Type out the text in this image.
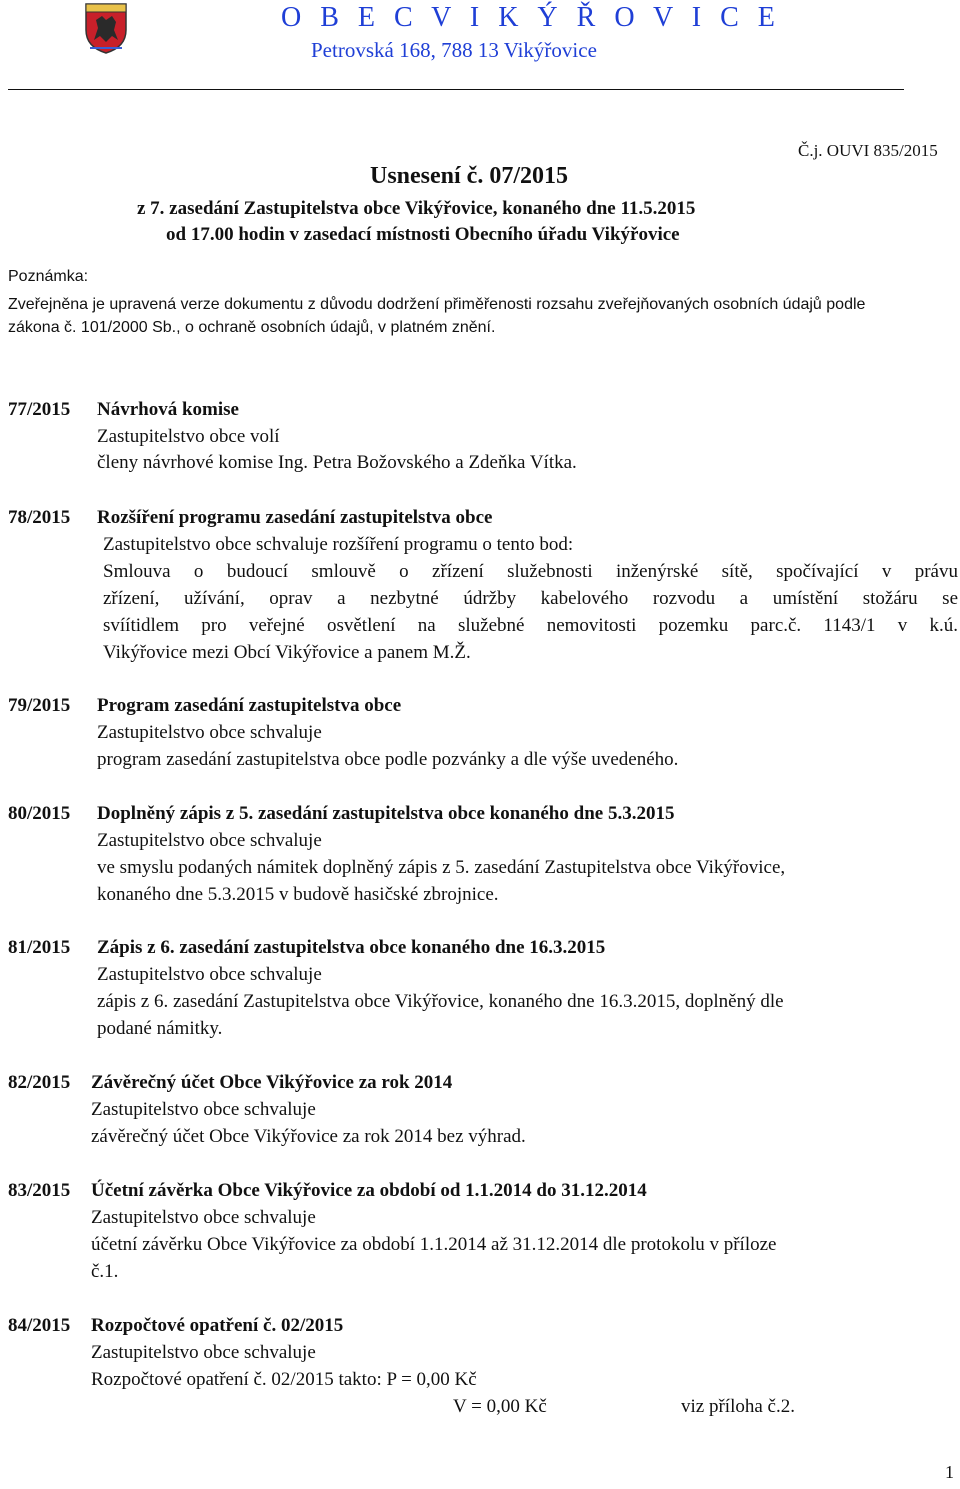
O B E C V I K Ý Ř O V I C E
Petrovská 168, 788 13 Vikýřovice
Č.j. OUVI 835/2015
Usnesení č. 07/2015
z 7. zasedání Zastupitelstva obce Vikýřovice, konaného dne 11.5.2015
od 17.00 hodin v zasedací místnosti Obecního úřadu Vikýřovice
Poznámka:
Zveřejněna je upravená verze dokumentu z důvodu dodržení přiměřenosti rozsahu zveřejňovaných osobních údajů podle
zákona č. 101/2000 Sb., o ochraně osobních údajů, v platném znění.
77/2015 Návrhová komise
Zastupitelstvo obce volí
členy návrhové komise Ing. Petra Božovského a Zdeňka Vítka.
78/2015 Rozšíření programu zasedání zastupitelstva obce
Zastupitelstvo obce schvaluje rozšíření programu o tento bod:
Smlouva o budoucí smlouvě o zřízení služebnosti inženýrské sítě, spočívající v právu
zřízení, užívání, oprav a nezbytné údržby kabelového rozvodu a umístění stožáru se
svíítidlem pro veřejné osvětlení na služebné nemovitosti pozemku parc.č. 1143/1 v k.ú.
Vikýřovice mezi Obcí Vikýřovice a panem M.Ž.
79/2015 Program zasedání zastupitelstva obce
Zastupitelstvo obce schvaluje
program zasedání zastupitelstva obce podle pozvánky a dle výše uvedeného.
80/2015 Doplněný zápis z 5. zasedání zastupitelstva obce konaného dne 5.3.2015
Zastupitelstvo obce schvaluje
ve smyslu podaných námitek doplněný zápis z 5. zasedání Zastupitelstva obce Vikýřovice,
konaného dne 5.3.2015 v budově hasičské zbrojnice.
81/2015 Zápis z 6. zasedání zastupitelstva obce konaného dne 16.3.2015
Zastupitelstvo obce schvaluje
zápis z 6. zasedání Zastupitelstva obce Vikýřovice, konaného dne 16.3.2015, doplněný dle
podané námitky.
82/2015 Závěrečný účet Obce Vikýřovice za rok 2014
Zastupitelstvo obce schvaluje
závěrečný účet Obce Vikýřovice za rok 2014 bez výhrad.
83/2015 Účetní závěrka Obce Vikýřovice za období od 1.1.2014 do 31.12.2014
Zastupitelstvo obce schvaluje
účetní závěrku Obce Vikýřovice za období 1.1.2014 až 31.12.2014 dle protokolu v příloze
č.1.
84/2015 Rozpočtové opatření č. 02/2015
Zastupitelstvo obce schvaluje
Rozpočtové opatření č. 02/2015 takto: P = 0,00 Kč
V = 0,00 Kč	viz příloha č.2.
1
